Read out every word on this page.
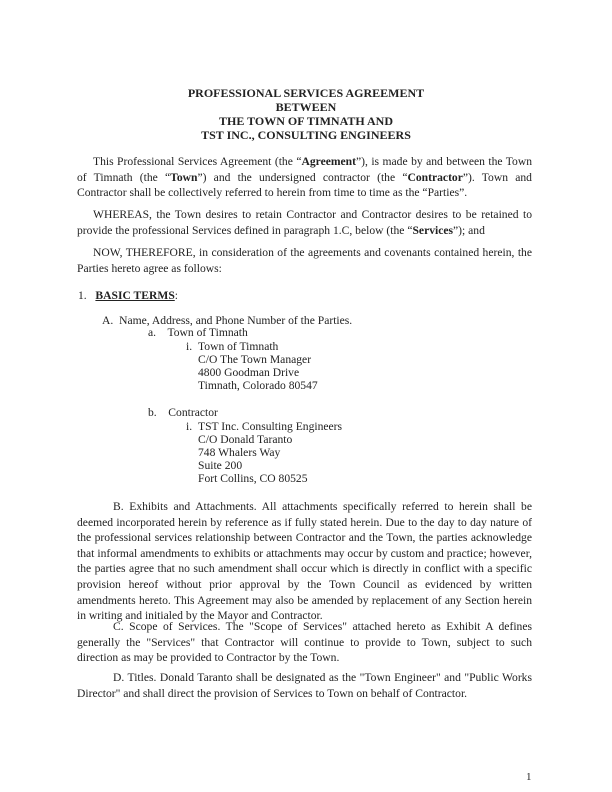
PROFESSIONAL SERVICES AGREEMENT
BETWEEN
THE TOWN OF TIMNATH AND
TST INC., CONSULTING ENGINEERS

This Professional Services Agreement (the “Agreement”), is made by and between the Town of Timnath (the “Town”) and the undersigned contractor (the “Contractor”). Town and Contractor shall be collectively referred to herein from time to time as the “Parties”.

WHEREAS, the Town desires to retain Contractor and Contractor desires to be retained to provide the professional Services defined in paragraph 1.C, below (the “Services”); and

NOW, THEREFORE, in consideration of the agreements and covenants contained herein, the Parties hereto agree as follows:

1. BASIC TERMS:
A. Name, Address, and Phone Number of the Parties.
a. Town of Timnath
i. Town of Timnath
C/O The Town Manager
4800 Goodman Drive
Timnath, Colorado 80547
b. Contractor
i. TST Inc. Consulting Engineers
C/O Donald Taranto
748 Whalers Way
Suite 200
Fort Collins, CO 80525

B. Exhibits and Attachments. All attachments specifically referred to herein shall be deemed incorporated herein by reference as if fully stated herein. Due to the day to day nature of the professional services relationship between Contractor and the Town, the parties acknowledge that informal amendments to exhibits or attachments may occur by custom and practice; however, the parties agree that no such amendment shall occur which is directly in conflict with a specific provision hereof without prior approval by the Town Council as evidenced by written amendments hereto. This Agreement may also be amended by replacement of any Section herein in writing and initialed by the Mayor and Contractor.

C. Scope of Services. The "Scope of Services" attached hereto as Exhibit A defines generally the "Services" that Contractor will continue to provide to Town, subject to such direction as may be provided to Contractor by the Town.

D. Titles. Donald Taranto shall be designated as the "Town Engineer" and "Public Works Director" and shall direct the provision of Services to Town on behalf of Contractor.

1
